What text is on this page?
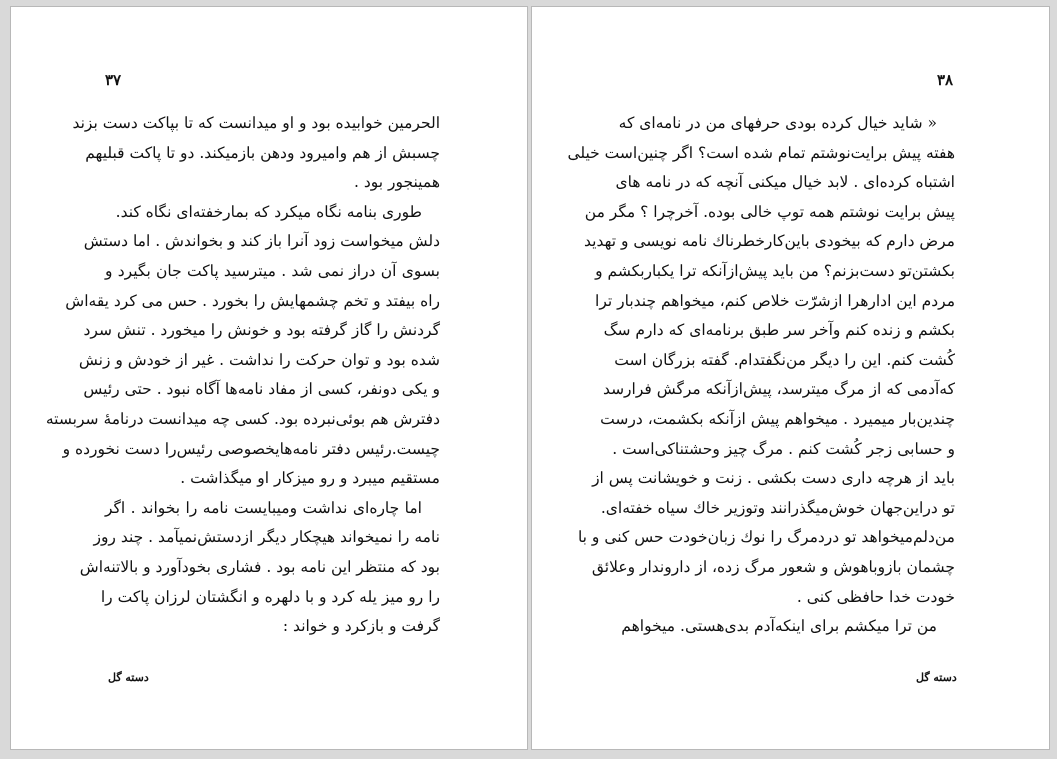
۳۷
الحرمین خوابیده بود و او میدانست که تا بپاکت دست بزند
چسبش از هم وامیرود ودهن بازمیکند. دو تا پاکت قبلیهم
همینجور بود .
طوری بنامه نگاه میکرد که بمارخفته‌ای نگاه کند.
دلش میخواست زود آنرا باز کند و بخواندش . اما دستش
بسوی آن دراز نمی شد . میترسید پاکت جان بگیرد و
راه بیفتد و تخم چشمهایش را بخورد . حس می کرد یقه‌اش
گردنش را گاز گرفته بود و خونش را میخورد . تنش سرد
شده بود و توان حرکت را نداشت . غیر از خودش و زنش
و یکی دونفر، کسی از مفاد نامه‌ها آگاه نبود . حتی رئیس
دفترش هم بوئی‌نبرده بود. کسی چه میدانست درنامهٔ سربسته
چیست.رئیس دفتر نامه‌هایخصوصی رئیس‌را دست نخورده و
مستقیم میبرد و رو میزکار او میگذاشت .
اما چاره‌ای نداشت ومیبایست نامه را بخواند . اگر
نامه را نمیخواند هیچکار دیگر ازدستش‌نمیآمد . چند روز
بود که منتظر این نامه بود . فشاری بخودآورد و بالاتنه‌اش
را رو میز یله کرد و با دلهره و انگشتان لرزان پاکت را
گرفت و بازکرد و خواند :
دسته گل
۳۸
« شاید خیال کرده بودی حرفهای من در نامه‌ای که
هفته پیش برایت‌نوشتم تمام شده است؟ اگر چنین‌است خیلی
اشتباه کرده‌ای . لابد خیال میکنی آنچه که در نامه های
پیش برایت نوشتم همه توپ خالی بوده. آخرچرا ؟ مگر من
مرض دارم که بیخودی باین‌کارخطرناك نامه نویسی و تهدید
بکشتن‌تو دست‌بزنم؟ من باید پیش‌ازآنکه ترا یکبار‌بکشم و
مردم این ادارهرا ازشرّت خلاص کنم، میخواهم چندبار ترا
بکشم و زنده کنم وآخر سر طبق برنامه‌ای که دارم سگ
کُشت کنم. این را دیگر من‌نگفتدام. گفته بزرگان است
که‌آدمی که از مرگ میترسد، پیش‌ازآنکه مرگش فرارسد
چندین‌بار میمیرد . میخواهم پیش ازآنکه بکشمت، درست
و حسابی زجر کُشت کنم . مرگ چیز وحشتناکی‌است .
باید از هرچه داری دست بکشی . زنت و خویشانت پس از
تو دراین‌جهان خوش‌میگذرانند وتوزیر خاك سیاه خفته‌ای.
من‌دلم‌میخواهد تو دردمرگ را نوك زبان‌خودت حس کنی و با
چشمان بازوباهوش و شعور مرگ زده، از داروندار وعلائق
خودت خدا حافظی کنی .
من ترا میکشم برای اینکه‌آدم بدی‌هستی. میخواهم
دسته گل
